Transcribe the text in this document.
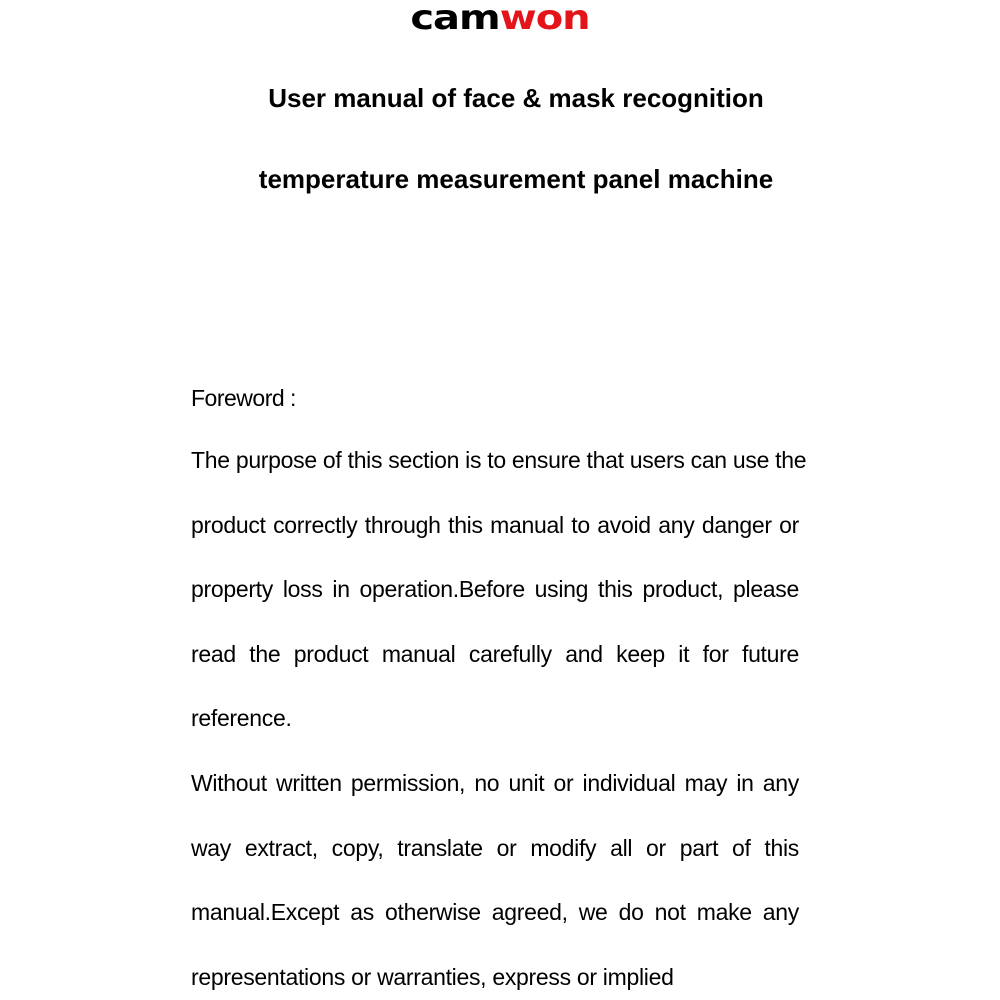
camwon
User manual of face & mask recognition
temperature measurement panel machine
Foreword :
The purpose of this section is to ensure that users can use the
product correctly through this manual to avoid any danger or
property loss in operation.Before using this product, please
read the product manual carefully and keep it for future
reference.
Without written permission, no unit or individual may in any
way extract, copy, translate or modify all or part of this
manual.Except as otherwise agreed, we do not make any
representations or warranties, express or implied
